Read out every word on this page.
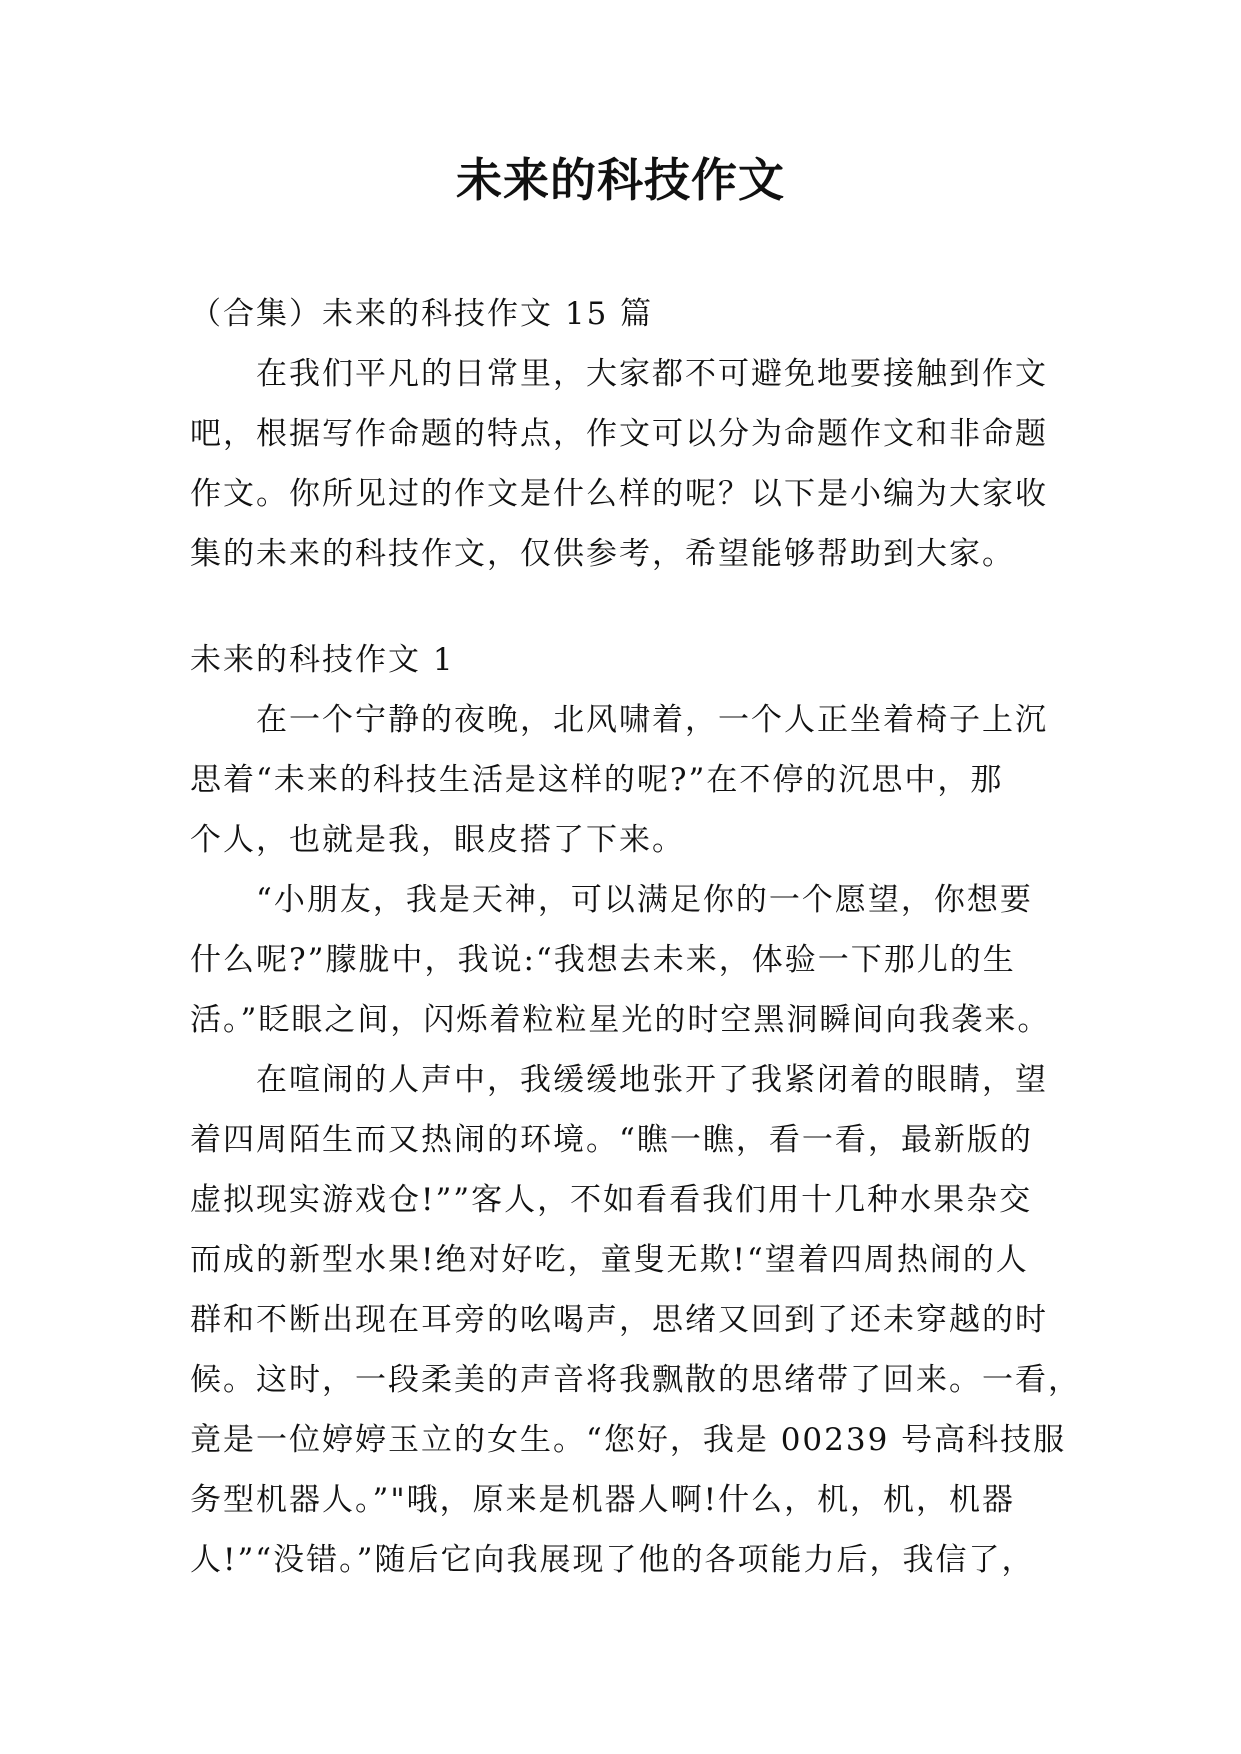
未来的科技作文
（合集）未来的科技作文 15 篇
在我们平凡的日常里，大家都不可避免地要接触到作文
吧，根据写作命题的特点，作文可以分为命题作文和非命题
作文。你所见过的作文是什么样的呢？以下是小编为大家收
集的未来的科技作文，仅供参考，希望能够帮助到大家。
未来的科技作文 1
在一个宁静的夜晚，北风啸着，一个人正坐着椅子上沉
思着“未来的科技生活是这样的呢?”在不停的沉思中，那
个人，也就是我，眼皮搭了下来。
“小朋友，我是天神，可以满足你的一个愿望，你想要
什么呢?”朦胧中，我说:“我想去未来，体验一下那儿的生
活。”眨眼之间，闪烁着粒粒星光的时空黑洞瞬间向我袭来。
在喧闹的人声中，我缓缓地张开了我紧闭着的眼睛，望
着四周陌生而又热闹的环境。“瞧一瞧，看一看，最新版的
虚拟现实游戏仓!””客人，不如看看我们用十几种水果杂交
而成的新型水果!绝对好吃，童叟无欺!“望着四周热闹的人
群和不断出现在耳旁的吆喝声，思绪又回到了还未穿越的时
候。这时，一段柔美的声音将我飘散的思绪带了回来。一看，
竟是一位婷婷玉立的女生。“您好，我是 00239 号高科技服
务型机器人。”"哦，原来是机器人啊!什么，机，机，机器
人!”“没错。”随后它向我展现了他的各项能力后，我信了，
